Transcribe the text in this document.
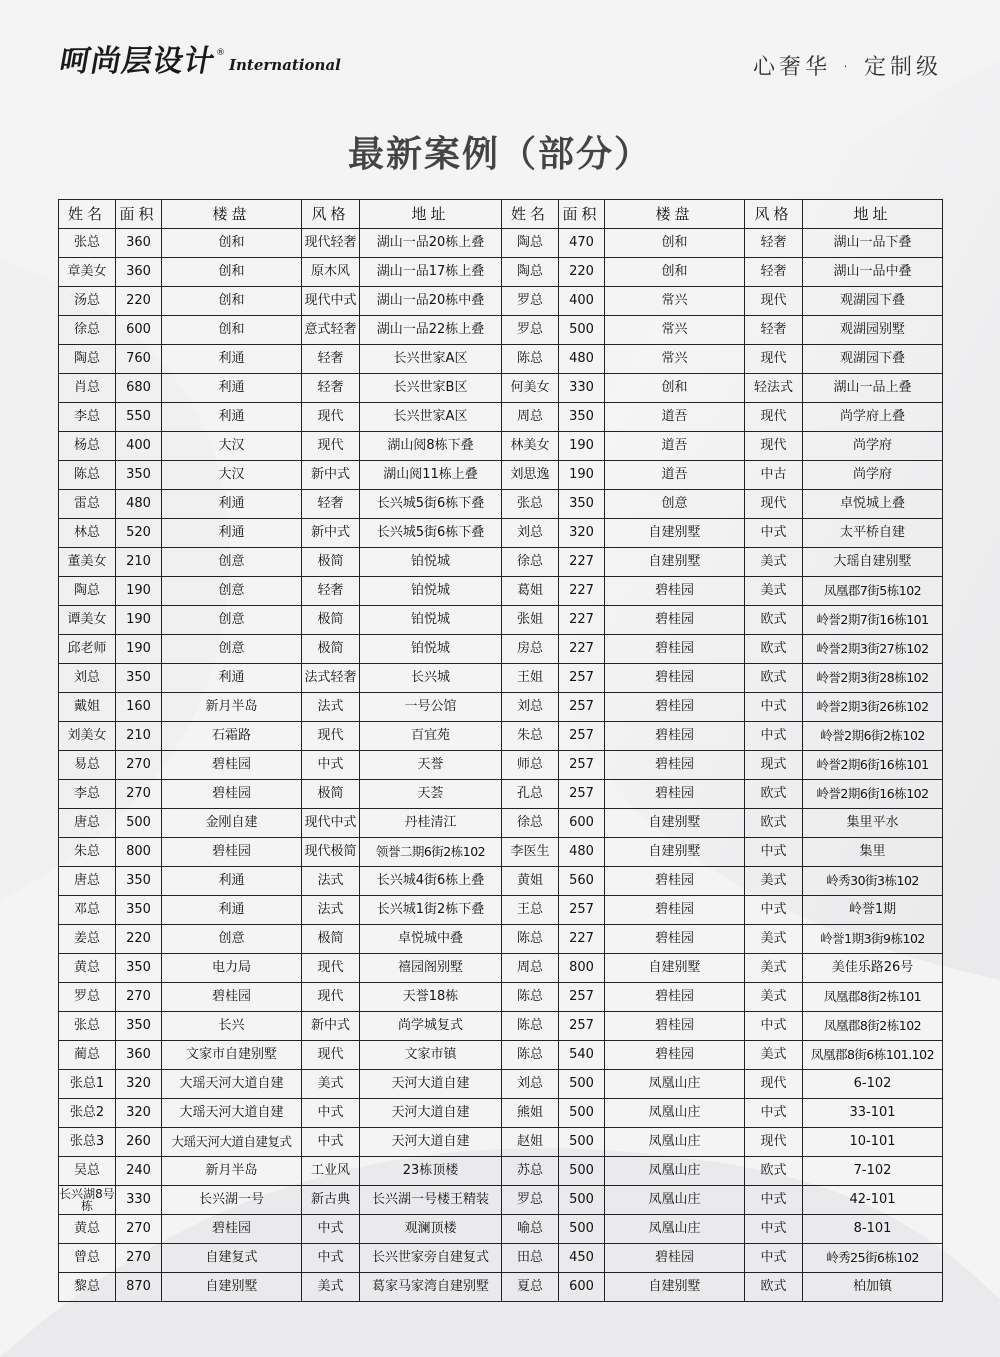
呵尚层设计
®
International	心奢华 · 定制级
最新案例（部分）
姓名	面积	楼盘	风格	地址	姓名	面积	楼盘	风格	地址
张总	360	创和	现代轻奢	湖山一品20栋上叠	陶总	470	创和	轻奢	湖山一品下叠
章美女	360	创和	原木风	湖山一品17栋上叠	陶总	220	创和	轻奢	湖山一品中叠
汤总	220	创和	现代中式	湖山一品20栋中叠	罗总	400	常兴	现代	观湖园下叠
徐总	600	创和	意式轻奢	湖山一品22栋上叠	罗总	500	常兴	轻奢	观湖园别墅
陶总	760	利通	轻奢	长兴世家A区	陈总	480	常兴	现代	观湖园下叠
肖总	680	利通	轻奢	长兴世家B区	何美女	330	创和	轻法式	湖山一品上叠
李总	550	利通	现代	长兴世家A区	周总	350	道吾	现代	尚学府上叠
杨总	400	大汉	现代	湖山阅8栋下叠	林美女	190	道吾	现代	尚学府
陈总	350	大汉	新中式	湖山阅11栋上叠	刘思逸	190	道吾	中古	尚学府
雷总	480	利通	轻奢	长兴城5街6栋下叠	张总	350	创意	现代	卓悦城上叠
林总	520	利通	新中式	长兴城5街6栋下叠	刘总	320	自建别墅	中式	太平桥自建
董美女	210	创意	极简	铂悦城	徐总	227	自建别墅	美式	大瑶自建别墅
陶总	190	创意	轻奢	铂悦城	葛姐	227	碧桂园	美式	凤凰郡7街5栋102
谭美女	190	创意	极简	铂悦城	张姐	227	碧桂园	欧式	岭誉2期7街16栋101
邱老师	190	创意	极简	铂悦城	房总	227	碧桂园	欧式	岭誉2期3街27栋102
刘总	350	利通	法式轻奢	长兴城	王姐	257	碧桂园	欧式	岭誉2期3街28栋102
戴姐	160	新月半岛	法式	一号公馆	刘总	257	碧桂园	中式	岭誉2期3街26栋102
刘美女	210	石霜路	现代	百宜苑	朱总	257	碧桂园	中式	岭誉2期6街2栋102
易总	270	碧桂园	中式	天誉	师总	257	碧桂园	现式	岭誉2期6街16栋101
李总	270	碧桂园	极简	天荟	孔总	257	碧桂园	欧式	岭誉2期6街16栋102
唐总	500	金刚自建	现代中式	丹桂清江	徐总	600	自建别墅	欧式	集里平水
朱总	800	碧桂园	现代极简	领誉二期6街2栋102	李医生	480	自建别墅	中式	集里
唐总	350	利通	法式	长兴城4街6栋上叠	黄姐	560	碧桂园	美式	岭秀30街3栋102
邓总	350	利通	法式	长兴城1街2栋下叠	王总	257	碧桂园	中式	岭誉1期
姜总	220	创意	极简	卓悦城中叠	陈总	227	碧桂园	美式	岭誉1期3街9栋102
黄总	350	电力局	现代	禧园阁别墅	周总	800	自建别墅	美式	美佳乐路26号
罗总	270	碧桂园	现代	天誉18栋	陈总	257	碧桂园	美式	凤凰郡8街2栋101
张总	350	长兴	新中式	尚学城复式	陈总	257	碧桂园	中式	凤凰郡8街2栋102
蔺总	360	文家市自建别墅	现代	文家市镇	陈总	540	碧桂园	美式	凤凰郡8街6栋101.102
张总1	320	大瑶天河大道自建	美式	天河大道自建	刘总	500	凤凰山庄	现代	6-102
张总2	320	大瑶天河大道自建	中式	天河大道自建	熊姐	500	凤凰山庄	中式	33-101
张总3	260	大瑶天河大道自建复式	中式	天河大道自建	赵姐	500	凤凰山庄	现代	10-101
吴总	240	新月半岛	工业风	23栋顶楼	苏总	500	凤凰山庄	欧式	7-102
长兴湖8号栋	330	长兴湖一号	新古典	长兴湖一号楼王精装	罗总	500	凤凰山庄	中式	42-101
黄总	270	碧桂园	中式	观澜顶楼	喻总	500	凤凰山庄	中式	8-101
曾总	270	自建复式	中式	长兴世家旁自建复式	田总	450	碧桂园	中式	岭秀25街6栋102
黎总	870	自建别墅	美式	葛家马家湾自建别墅	夏总	600	自建别墅	欧式	柏加镇
